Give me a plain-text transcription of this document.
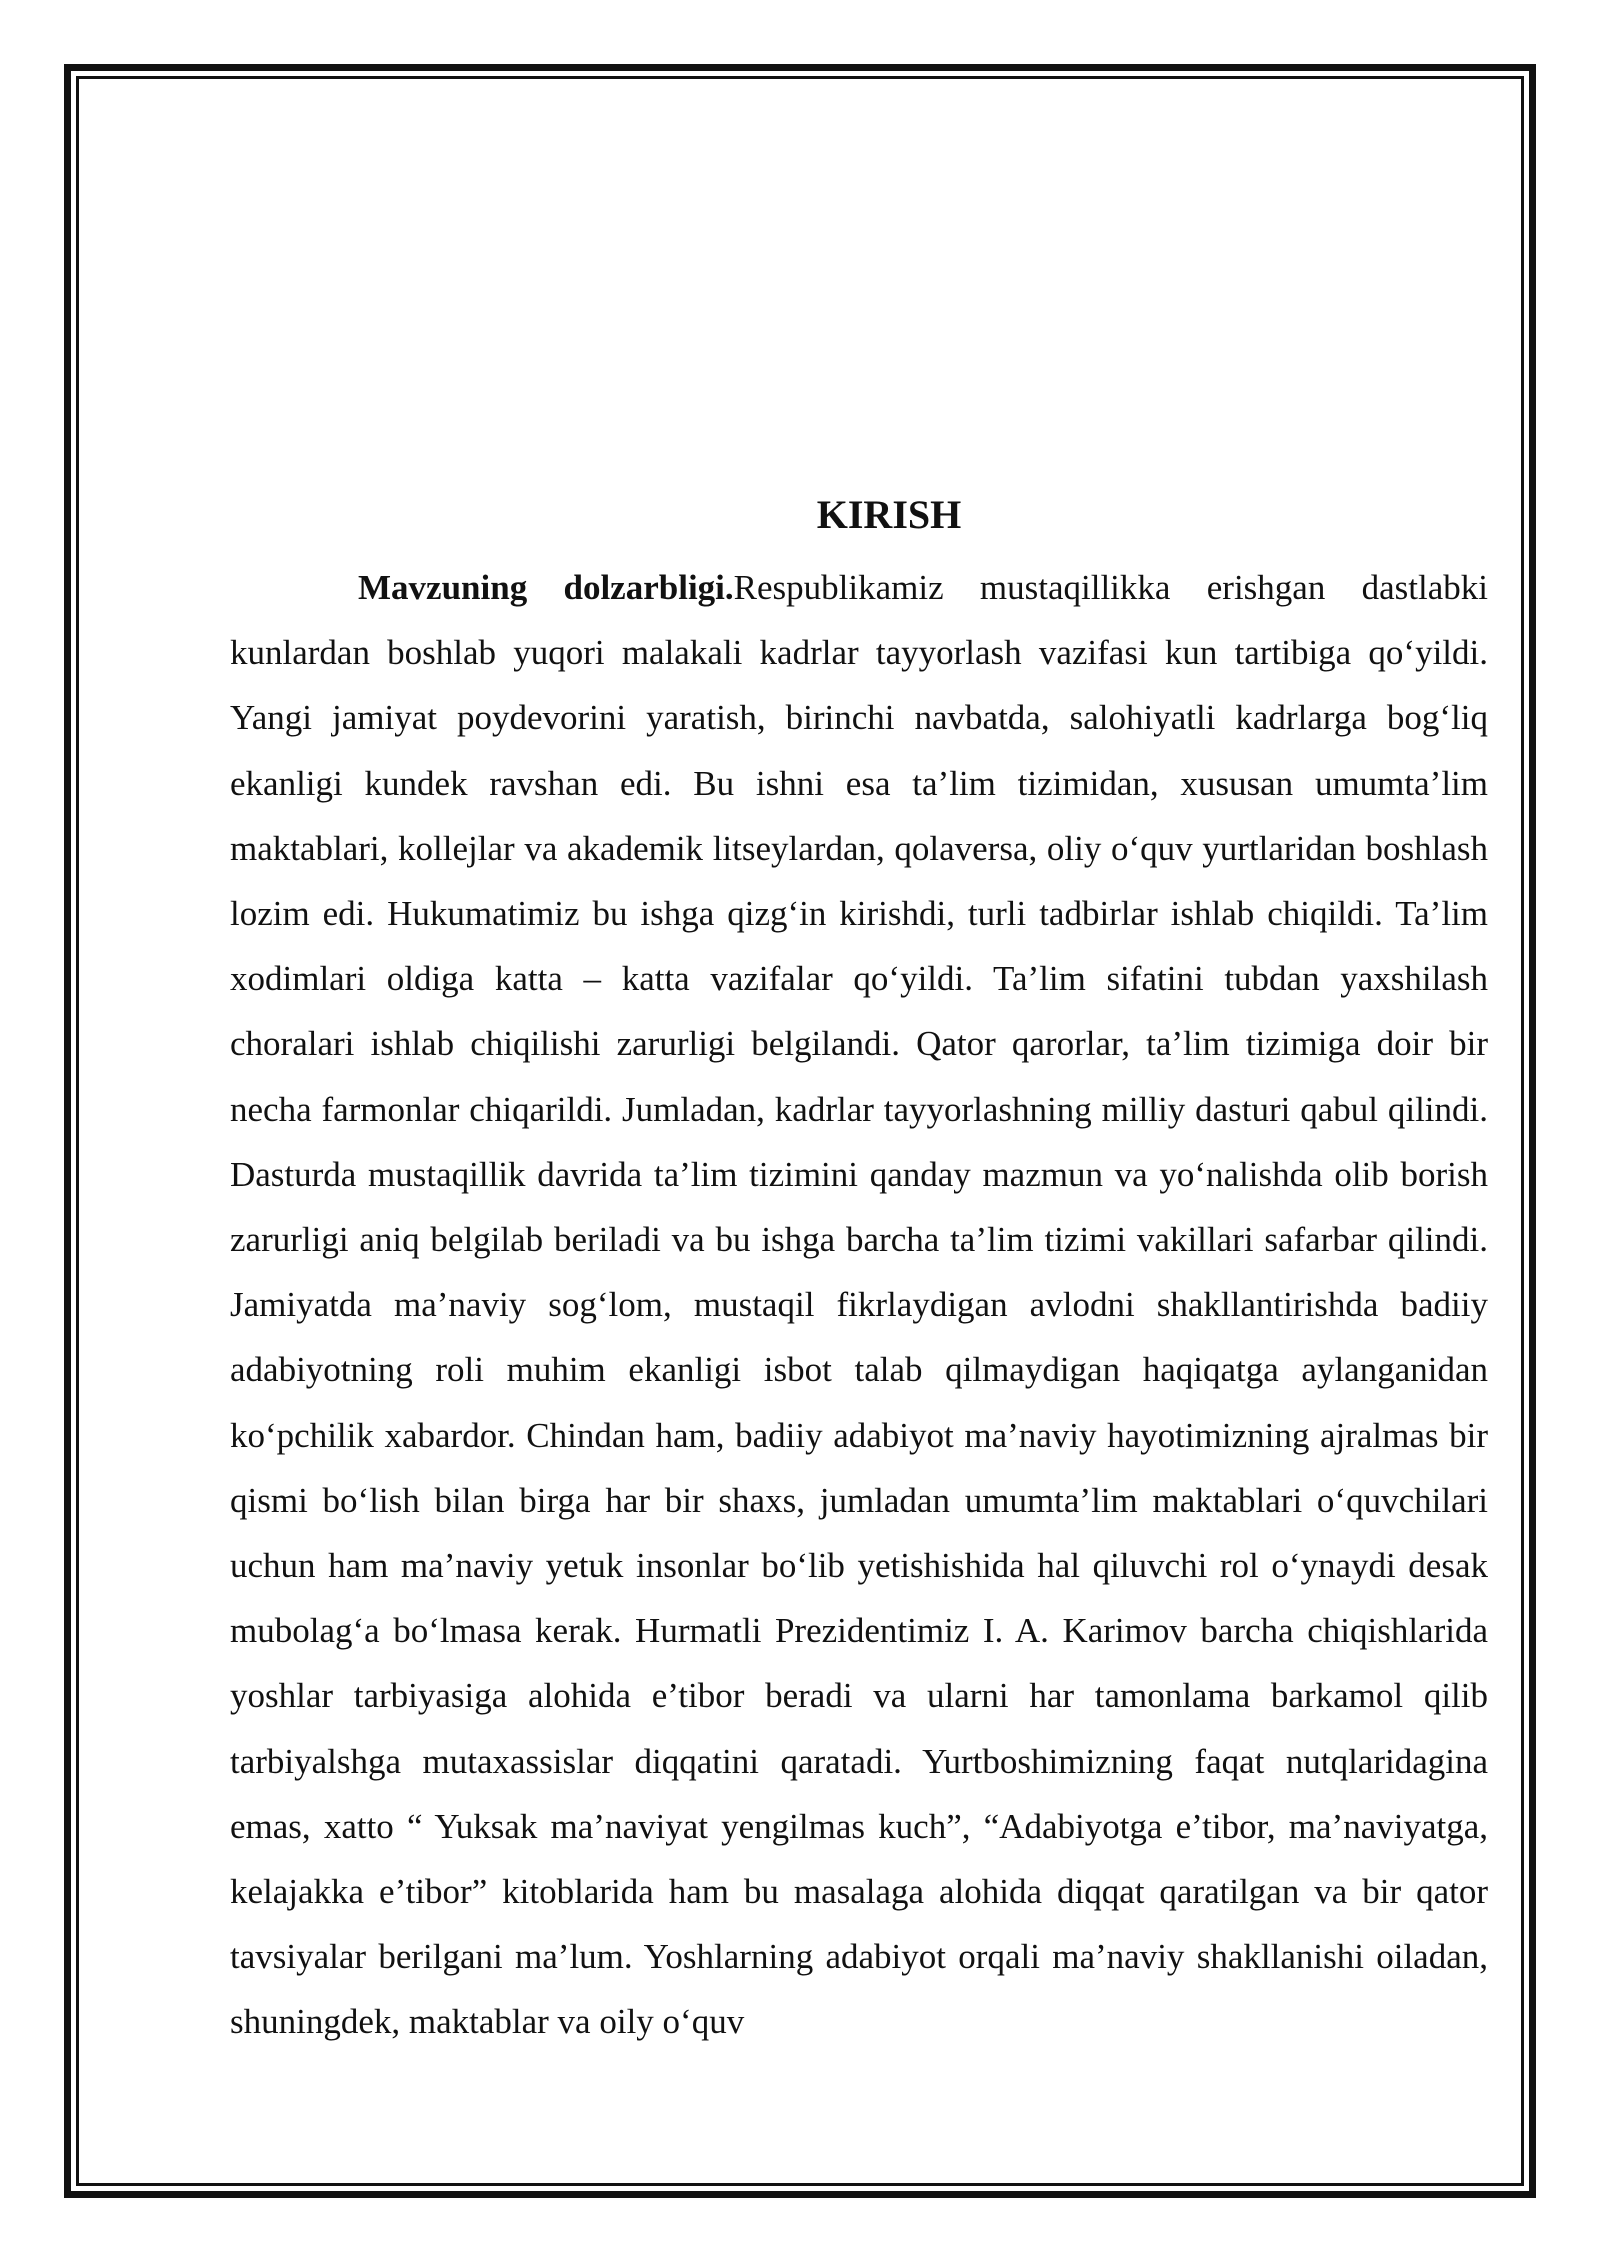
KIRISH

Mavzuning dolzarbligi.Respublikamiz mustaqillikka erishgan dastlabki kunlardan boshlab yuqori malakali kadrlar tayyorlash vazifasi kun tartibiga qo‘yildi. Yangi jamiyat poydevorini yaratish, birinchi navbatda, salohiyatli kadrlarga bog‘liq ekanligi kundek ravshan edi. Bu ishni esa ta’lim tizimidan, xususan umumta’lim maktablari, kollejlar va akademik litseylardan, qolaversa, oliy o‘quv yurtlaridan boshlash lozim edi. Hukumatimiz bu ishga qizg‘in kirishdi, turli tadbirlar ishlab chiqildi. Ta’lim xodimlari oldiga katta – katta vazifalar qo‘yildi. Ta’lim sifatini tubdan yaxshilash choralari ishlab chiqilishi zarurligi belgilandi. Qator qarorlar, ta’lim tizimiga doir bir necha farmonlar chiqarildi. Jumladan, kadrlar tayyorlashning milliy dasturi qabul qilindi. Dasturda mustaqillik davrida ta’lim tizimini qanday mazmun va yo‘nalishda olib borish zarurligi aniq belgilab beriladi va bu ishga barcha ta’lim tizimi vakillari safarbar qilindi. Jamiyatda ma’naviy sog‘lom, mustaqil fikrlaydigan avlodni shakllantirishda badiiy adabiyotning roli muhim ekanligi isbot talab qilmaydigan haqiqatga aylanganidan ko‘pchilik xabardor. Chindan ham, badiiy adabiyot ma’naviy hayotimizning ajralmas bir qismi bo‘lish bilan birga har bir shaxs, jumladan umumta’lim maktablari o‘quvchilari uchun ham ma’naviy yetuk insonlar bo‘lib yetishishida hal qiluvchi rol o‘ynaydi desak mubolag‘a bo‘lmasa kerak. Hurmatli Prezidentimiz I. A. Karimov barcha chiqishlarida yoshlar tarbiyasiga alohida e’tibor beradi va ularni har tamonlama barkamol qilib tarbiyalshga mutaxassislar diqqatini qaratadi. Yurtboshimizning faqat nutqlaridagina emas, xatto “ Yuksak ma’naviyat yengilmas kuch”, “Adabiyotga e’tibor, ma’naviyatga, kelajakka e’tibor” kitoblarida ham bu masalaga alohida diqqat qaratilgan va bir qator tavsiyalar berilgani ma’lum. Yoshlarning adabiyot orqali ma’naviy shakllanishi oiladan, shuningdek, maktablar va oily o‘quv
